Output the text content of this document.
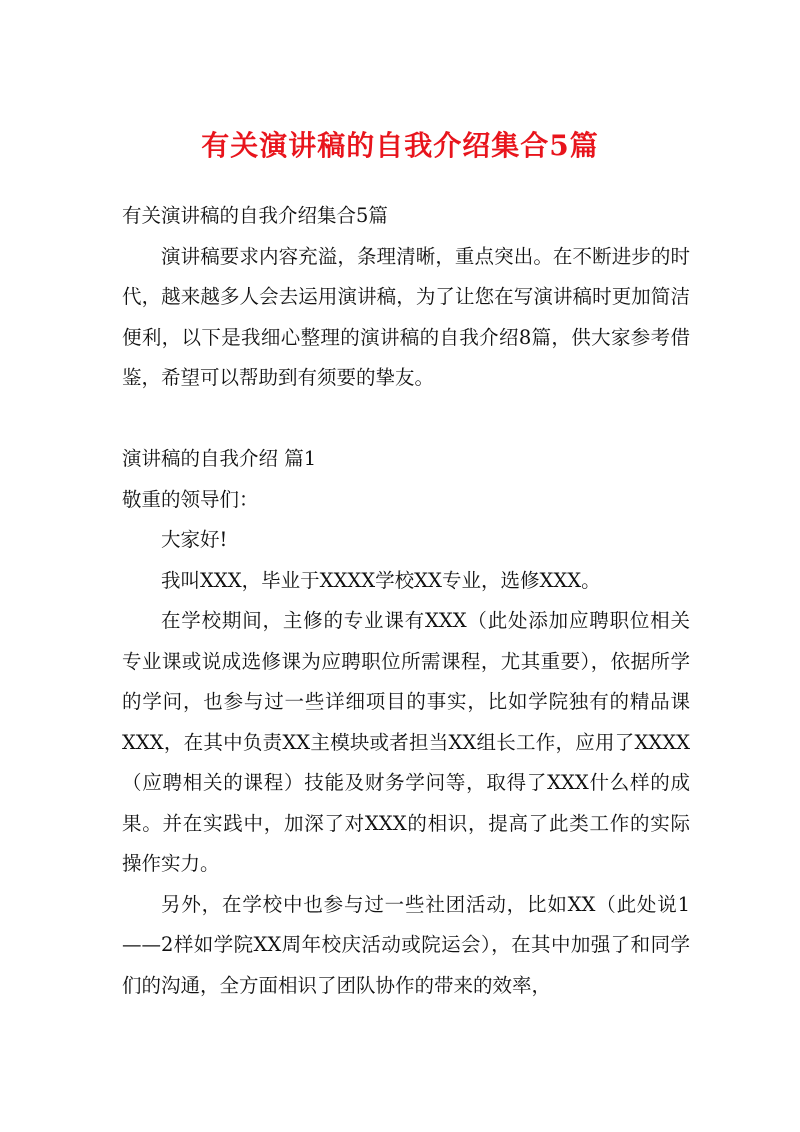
有关演讲稿的自我介绍集合5篇

有关演讲稿的自我介绍集合5篇

演讲稿要求内容充溢，条理清晰，重点突出。在不断进步的时代，越来越多人会去运用演讲稿，为了让您在写演讲稿时更加简洁便利，以下是我细心整理的演讲稿的自我介绍8篇，供大家参考借鉴，希望可以帮助到有须要的挚友。

演讲稿的自我介绍 篇1

敬重的领导们：

大家好!

我叫XXX，毕业于XXXX学校XX专业，选修XXX。

在学校期间，主修的专业课有XXX（此处添加应聘职位相关专业课或说成选修课为应聘职位所需课程，尤其重要），依据所学的学问，也参与过一些详细项目的事实，比如学院独有的精品课XXX，在其中负责XX主模块或者担当XX组长工作，应用了XXXX（应聘相关的课程）技能及财务学问等，取得了XXX什么样的成果。并在实践中，加深了对XXX的相识，提高了此类工作的实际操作实力。

另外，在学校中也参与过一些社团活动，比如XX（此处说1——2样如学院XX周年校庆活动或院运会），在其中加强了和同学们的沟通，全方面相识了团队协作的带来的效率，
